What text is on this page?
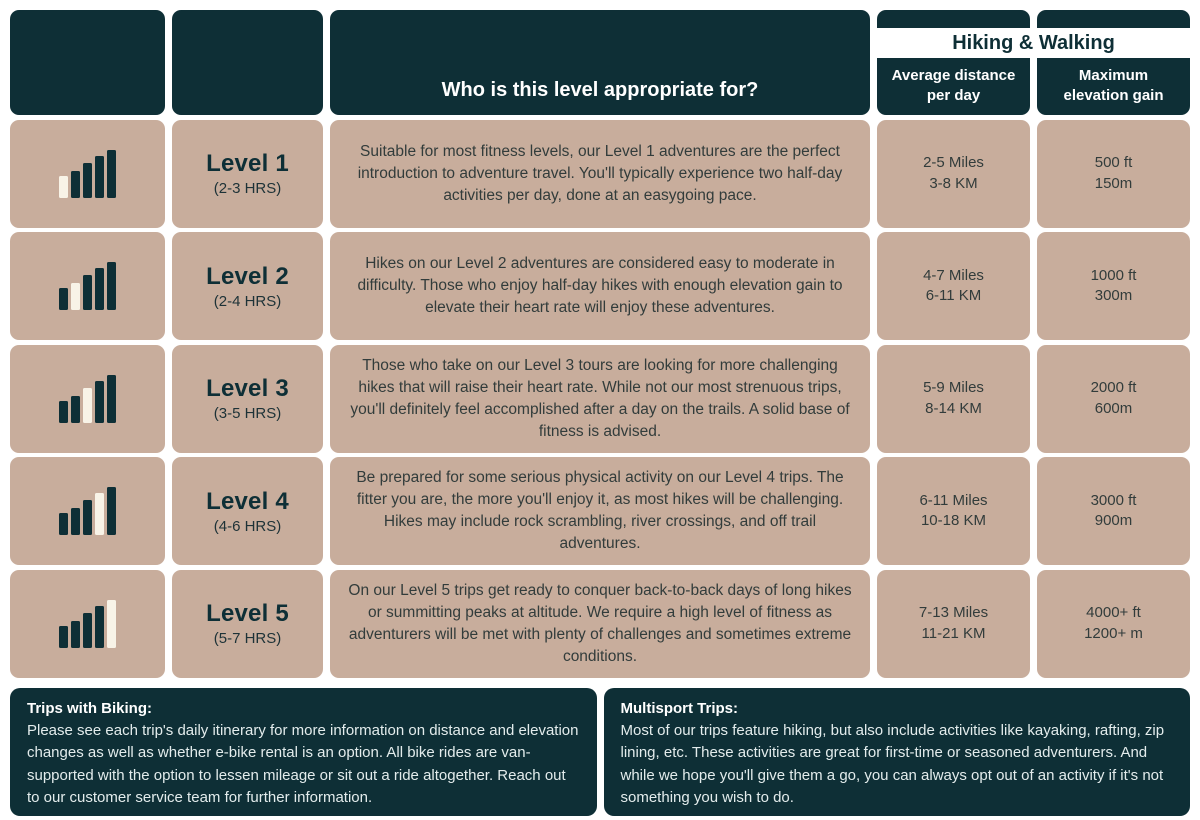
Who is this level appropriate for?
Hiking & Walking
Average distance per day
Maximum elevation gain
Level 1
(2-3 HRS)
Suitable for most fitness levels, our Level 1 adventures are the perfect introduction to adventure travel. You'll typically experience two half-day activities per day, done at an easygoing pace.
2-5 Miles
3-8 KM
500 ft
150m
Level 2
(2-4 HRS)
Hikes on our Level 2 adventures are considered easy to moderate in difficulty. Those who enjoy half-day hikes with enough elevation gain to elevate their heart rate will enjoy these adventures.
4-7 Miles
6-11 KM
1000 ft
300m
Level 3
(3-5 HRS)
Those who take on our Level 3 tours are looking for more challenging hikes that will raise their heart rate. While not our most strenuous trips, you'll definitely feel accomplished after a day on the trails. A solid base of fitness is advised.
5-9 Miles
8-14 KM
2000 ft
600m
Level 4
(4-6 HRS)
Be prepared for some serious physical activity on our Level 4 trips. The fitter you are, the more you'll enjoy it, as most hikes will be challenging. Hikes may include rock scrambling, river crossings, and off trail adventures.
6-11 Miles
10-18 KM
3000 ft
900m
Level 5
(5-7 HRS)
On our Level 5 trips get ready to conquer back-to-back days of long hikes or summitting peaks at altitude. We require a high level of fitness as adventurers will be met with plenty of challenges and sometimes extreme conditions.
7-13 Miles
11-21 KM
4000+ ft
1200+ m
Trips with Biking:
Please see each trip's daily itinerary for more information on distance and elevation changes as well as whether e-bike rental is an option. All bike rides are van-supported with the option to lessen mileage or sit out a ride altogether. Reach out to our customer service team for further information.
Multisport Trips:
Most of our trips feature hiking, but also include activities like kayaking, rafting, zip lining, etc. These activities are great for first-time or seasoned adventurers. And while we hope you'll give them a go, you can always opt out of an activity if it's not something you wish to do.
